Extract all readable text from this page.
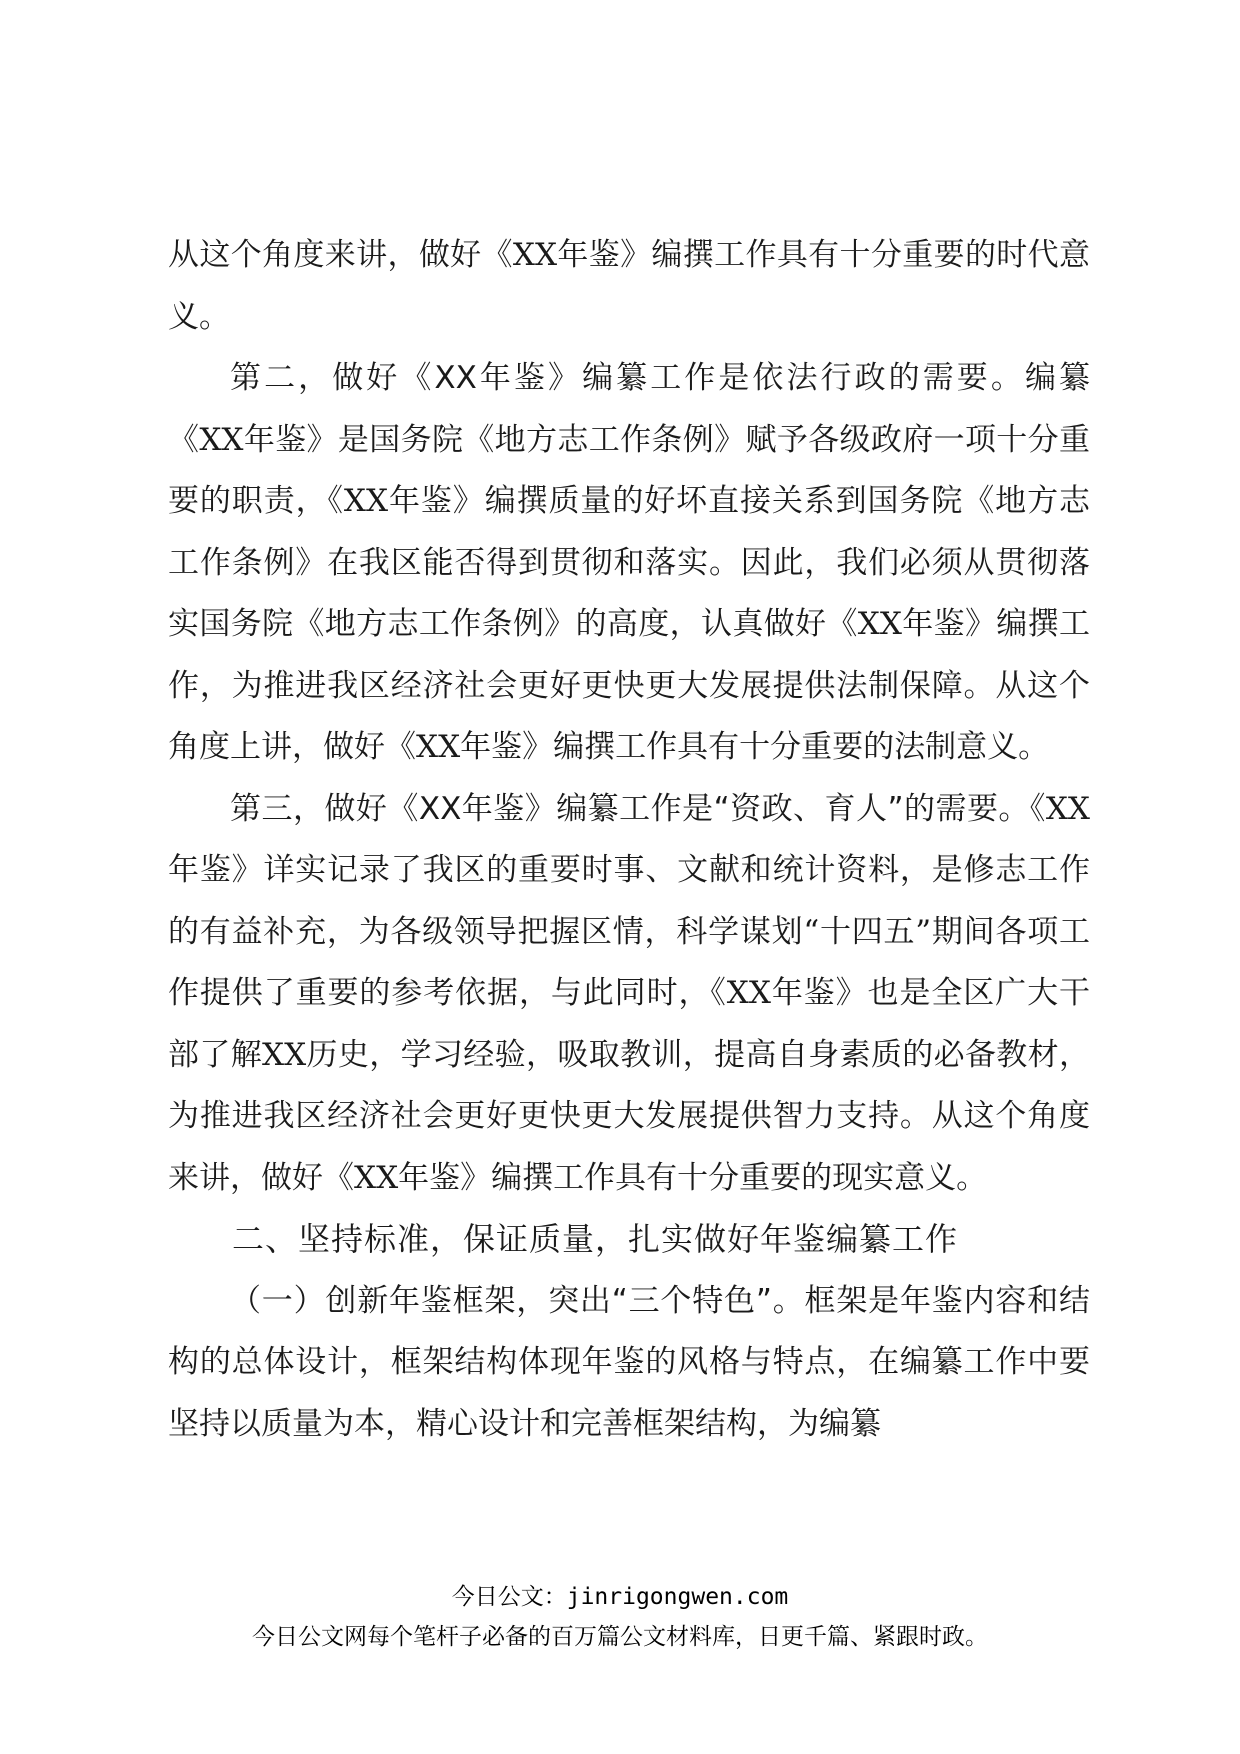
从这个角度来讲，做好《XX年鉴》编撰工作具有十分重要的时代意义。

第二，做好《XX年鉴》编纂工作是依法行政的需要。编纂《XX年鉴》是国务院《地方志工作条例》赋予各级政府一项十分重要的职责，《XX年鉴》编撰质量的好坏直接关系到国务院《地方志工作条例》在我区能否得到贯彻和落实。因此，我们必须从贯彻落实国务院《地方志工作条例》的高度，认真做好《XX年鉴》编撰工作，为推进我区经济社会更好更快更大发展提供法制保障。从这个角度上讲，做好《XX年鉴》编撰工作具有十分重要的法制意义。

第三，做好《XX年鉴》编纂工作是“资政、育人”的需要。《XX年鉴》详实记录了我区的重要时事、文献和统计资料，是修志工作的有益补充，为各级领导把握区情，科学谋划“十四五”期间各项工作提供了重要的参考依据，与此同时，《XX年鉴》也是全区广大干部了解XX历史，学习经验，吸取教训，提高自身素质的必备教材，为推进我区经济社会更好更快更大发展提供智力支持。从这个角度来讲，做好《XX年鉴》编撰工作具有十分重要的现实意义。

二、坚持标准，保证质量，扎实做好年鉴编纂工作

（一）创新年鉴框架，突出“三个特色”。框架是年鉴内容和结构的总体设计，框架结构体现年鉴的风格与特点，在编纂工作中要坚持以质量为本，精心设计和完善框架结构，为编纂

今日公文：jinrigongwen.com
今日公文网每个笔杆子必备的百万篇公文材料库，日更千篇、紧跟时政。
